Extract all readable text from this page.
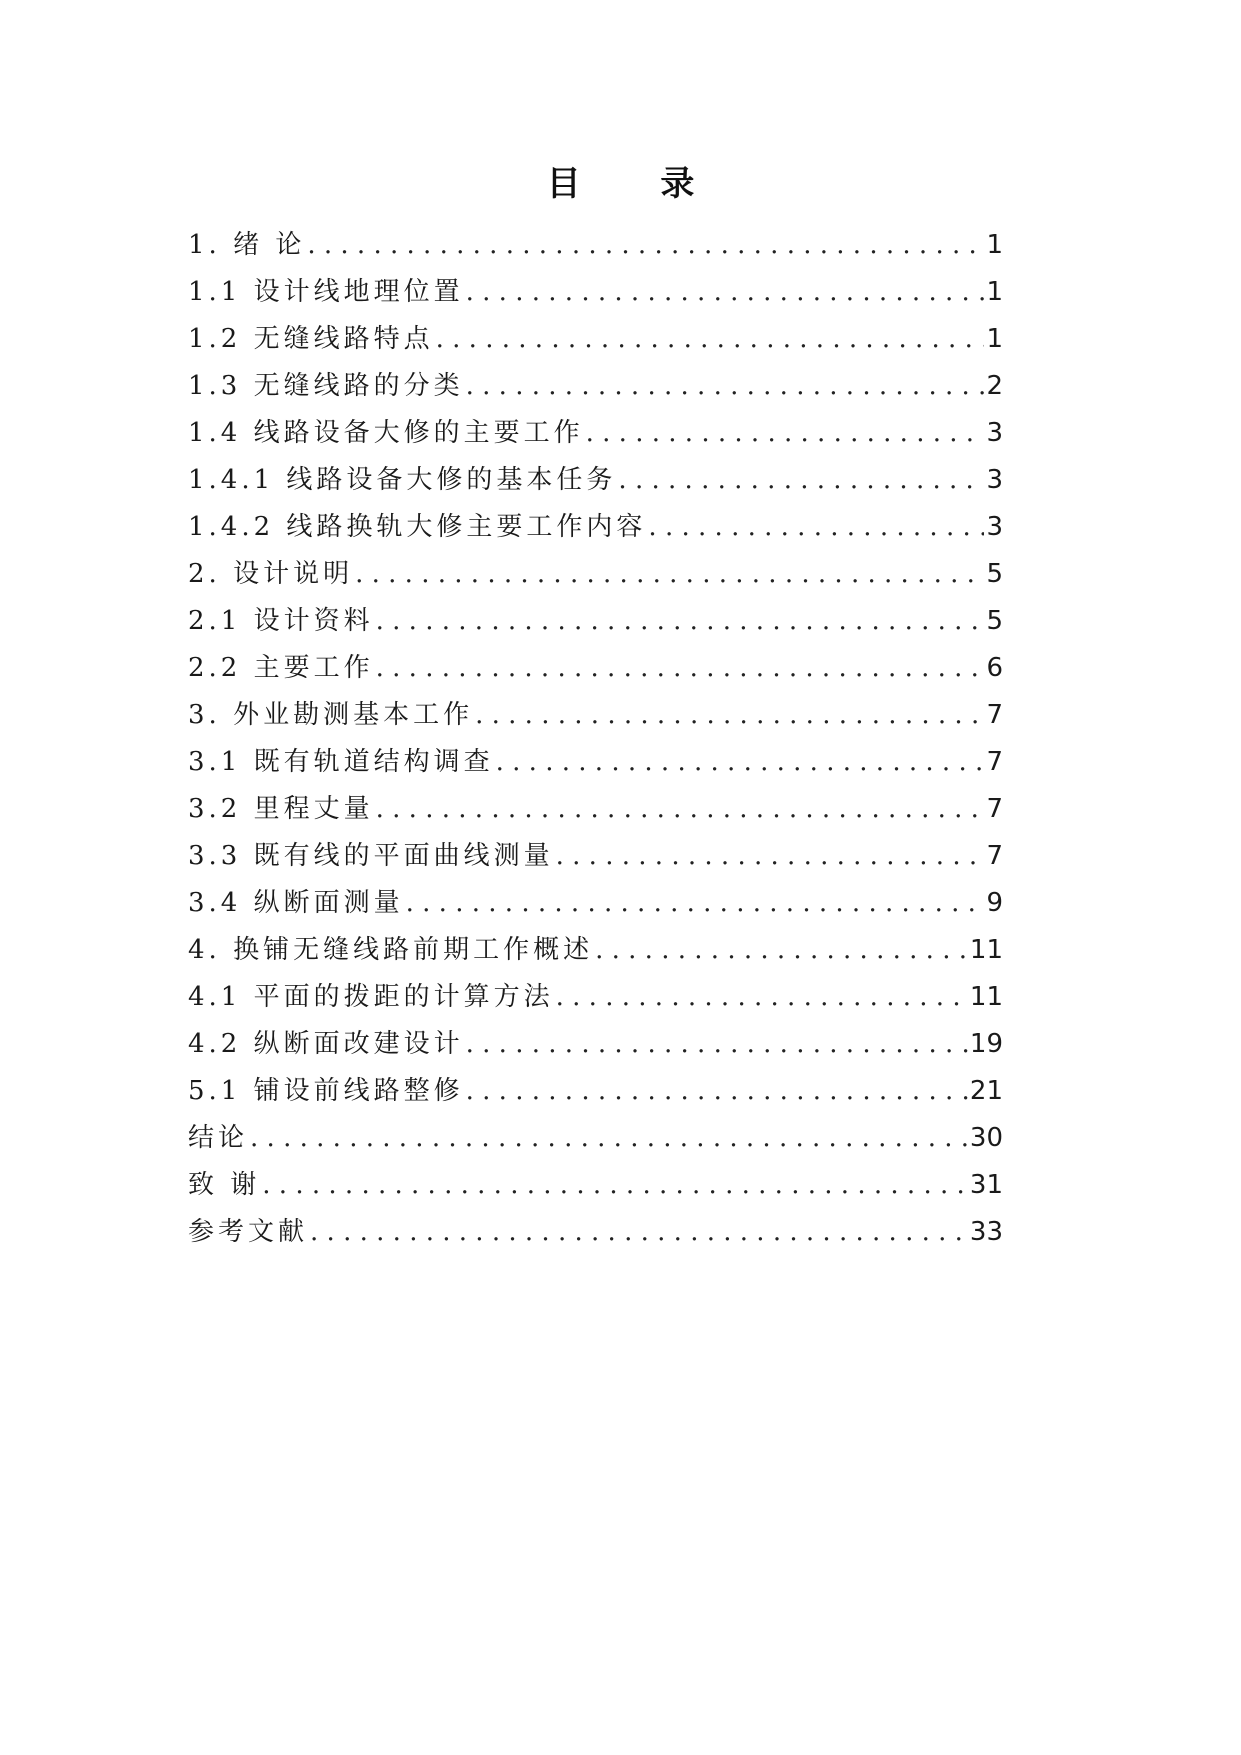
目 录
1. 绪 论 . . .	1
1.1 设计线地理位置 . . .	1
1.2 无缝线路特点 . . .	1
1.3 无缝线路的分类 . . .	2
1.4 线路设备大修的主要工作 . . .	3
1.4.1 线路设备大修的基本任务 . . .	3
1.4.2 线路换轨大修主要工作内容 . . .	3
2. 设计说明 . . .	5
2.1 设计资料 . . .	5
2.2 主要工作 . . .	6
3. 外业勘测基本工作 . . .	7
3.1 既有轨道结构调查 . . .	7
3.2 里程丈量 . . .	7
3.3 既有线的平面曲线测量 . . .	7
3.4 纵断面测量 . . .	9
4. 换铺无缝线路前期工作概述 . . .	11
4.1 平面的拨距的计算方法 . . .	11
4.2 纵断面改建设计 . . .	19
5.1 铺设前线路整修 . . .	21
结论 . . .	30
致 谢 . . .	31
参考文献 . . .	33
